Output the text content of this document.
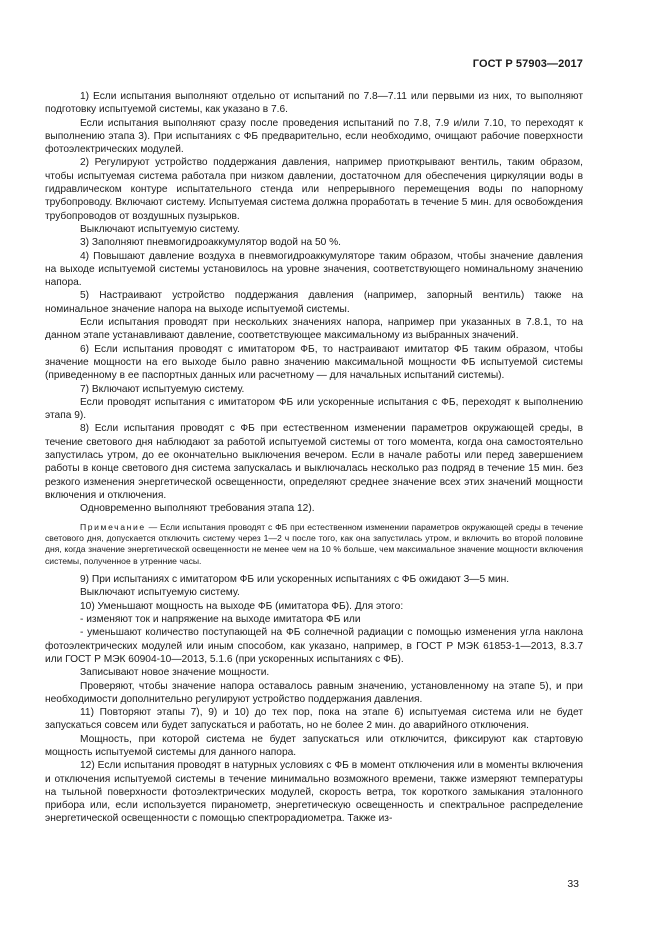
ГОСТ Р 57903—2017

1) Если испытания выполняют отдельно от испытаний по 7.8—7.11 или первыми из них, то выполняют подготовку испытуемой системы, как указано в 7.6.

Если испытания выполняют сразу после проведения испытаний по 7.8, 7.9 и/или 7.10, то переходят к выполнению этапа 3). При испытаниях с ФБ предварительно, если необходимо, очищают рабочие поверхности фотоэлектрических модулей.

2) Регулируют устройство поддержания давления, например приоткрывают вентиль, таким образом, чтобы испытуемая система работала при низком давлении, достаточном для обеспечения циркуляции воды в гидравлическом контуре испытательного стенда или непрерывного перемещения воды по напорному трубопроводу. Включают систему. Испытуемая система должна проработать в течение 5 мин. для освобождения трубопроводов от воздушных пузырьков.

Выключают испытуемую систему.

3) Заполняют пневмогидроаккумулятор водой на 50 %.

4) Повышают давление воздуха в пневмогидроаккумуляторе таким образом, чтобы значение давления на выходе испытуемой системы установилось на уровне значения, соответствующего номинальному значению напора.

5) Настраивают устройство поддержания давления (например, запорный вентиль) также на номинальное значение напора на выходе испытуемой системы.

Если испытания проводят при нескольких значениях напора, например при указанных в 7.8.1, то на данном этапе устанавливают давление, соответствующее максимальному из выбранных значений.

6) Если испытания проводят с имитатором ФБ, то настраивают имитатор ФБ таким образом, чтобы значение мощности на его выходе было равно значению максимальной мощности ФБ испытуемой системы (приведенному в ее паспортных данных или расчетному — для начальных испытаний системы).

7) Включают испытуемую систему.

Если проводят испытания с имитатором ФБ или ускоренные испытания с ФБ, переходят к выполнению этапа 9).

8) Если испытания проводят с ФБ при естественном изменении параметров окружающей среды, в течение светового дня наблюдают за работой испытуемой системы от того момента, когда она самостоятельно запустилась утром, до ее окончательно выключения вечером. Если в начале работы или перед завершением работы в конце светового дня система запускалась и выключалась несколько раз подряд в течение 15 мин. без резкого изменения энергетической освещенности, определяют среднее значение всех этих значений мощности включения и отключения.

Одновременно выполняют требования этапа 12).

Примечание — Если испытания проводят с ФБ при естественном изменении параметров окружающей среды в течение светового дня, допускается отключить систему через 1—2 ч после того, как она запустилась утром, и включить во второй половине дня, когда значение энергетической освещенности не менее чем на 10 % больше, чем максимальное значение мощности включения системы, полученное в утренние часы.

9) При испытаниях с имитатором ФБ или ускоренных испытаниях с ФБ ожидают 3—5 мин.

Выключают испытуемую систему.

10) Уменьшают мощность на выходе ФБ (имитатора ФБ). Для этого:

- изменяют ток и напряжение на выходе имитатора ФБ или

- уменьшают количество поступающей на ФБ солнечной радиации с помощью изменения угла наклона фотоэлектрических модулей или иным способом, как указано, например, в ГОСТ Р МЭК 61853-1—2013, 8.3.7 или ГОСТ Р МЭК 60904-10—2013, 5.1.6 (при ускоренных испытаниях с ФБ).

Записывают новое значение мощности.

Проверяют, чтобы значение напора оставалось равным значению, установленному на этапе 5), и при необходимости дополнительно регулируют устройство поддержания давления.

11) Повторяют этапы 7), 9) и 10) до тех пор, пока на этапе 6) испытуемая система или не будет запускаться совсем или будет запускаться и работать, но не более 2 мин. до аварийного отключения.

Мощность, при которой система не будет запускаться или отключится, фиксируют как стартовую мощность испытуемой системы для данного напора.

12) Если испытания проводят в натурных условиях с ФБ в момент отключения или в моменты включения и отключения испытуемой системы в течение минимально возможного времени, также измеряют температуры на тыльной поверхности фотоэлектрических модулей, скорость ветра, ток короткого замыкания эталонного прибора или, если используется пиранометр, энергетическую освещенность и спектральное распределение энергетической освещенности с помощью спектрорадиометра. Также из-

33
